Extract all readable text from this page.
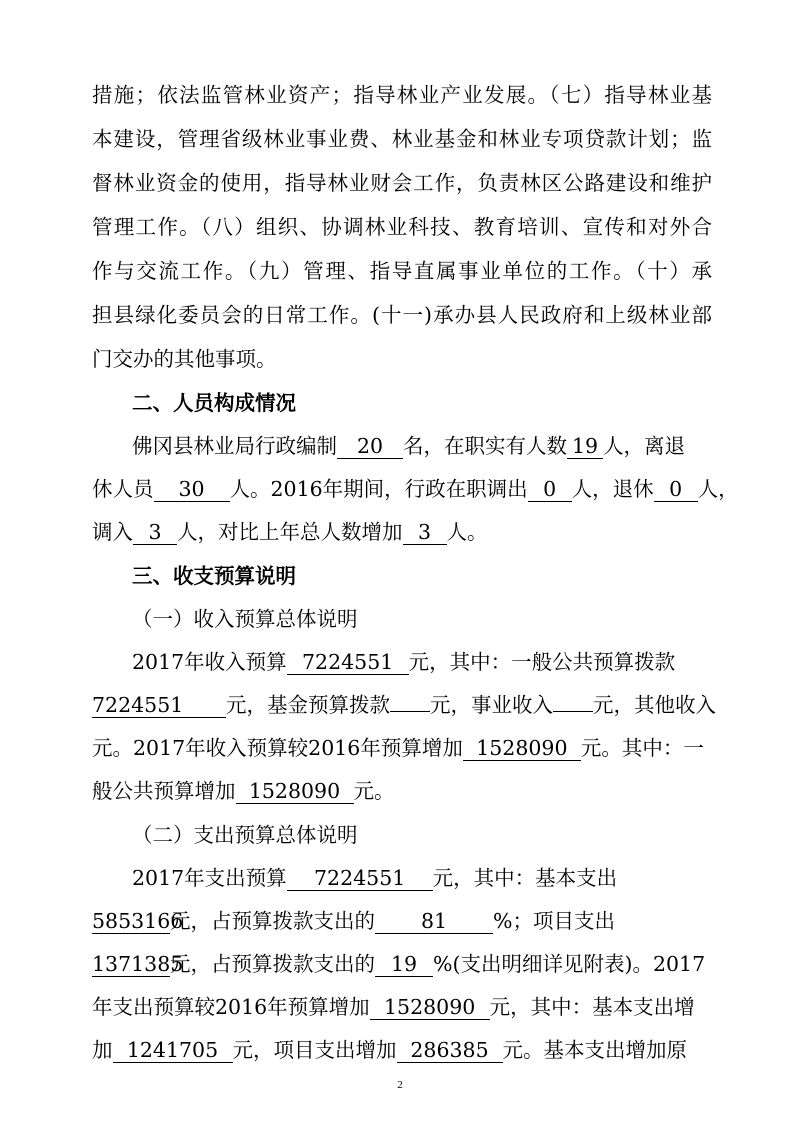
措施；依法监管林业资产；指导林业产业发展。（七）指导林业基
本建设，管理省级林业事业费、林业基金和林业专项贷款计划；监
督林业资金的使用，指导林业财会工作，负责林区公路建设和维护
管理工作。（八）组织、协调林业科技、教育培训、宣传和对外合
作与交流工作。（九）管理、指导直属事业单位的工作。（十）承
担县绿化委员会的日常工作。(十一)承办县人民政府和上级林业部
门交办的其他事项。
二、人员构成情况
佛冈县林业局行政编制 20 名，在职实有人数 19 人，离退
休人员 30 人。2016年期间，行政在职调出 0 人，退休 0 人，
调入 3 人，对比上年总人数增加 3 人。
三、收支预算说明
（一）收入预算总体说明
2017年收入预算 7224551 元，其中：一般公共预算拨款
7224551 元，基金预算拨款 元，事业收入 元，其他收入
元。2017年收入预算较2016年预算增加 1528090 元。其中：一
般公共预算增加 1528090 元。
（二）支出预算总体说明
2017年支出预算 7224551 元，其中：基本支出
5853166元，占预算拨款支出的 81 %；项目支出
1371385元，占预算拨款支出的 19 %(支出明细详见附表)。2017
年支出预算较2016年预算增加 1528090 元，其中：基本支出增
加 1241705 元，项目支出增加 286385 元。基本支出增加原
2
